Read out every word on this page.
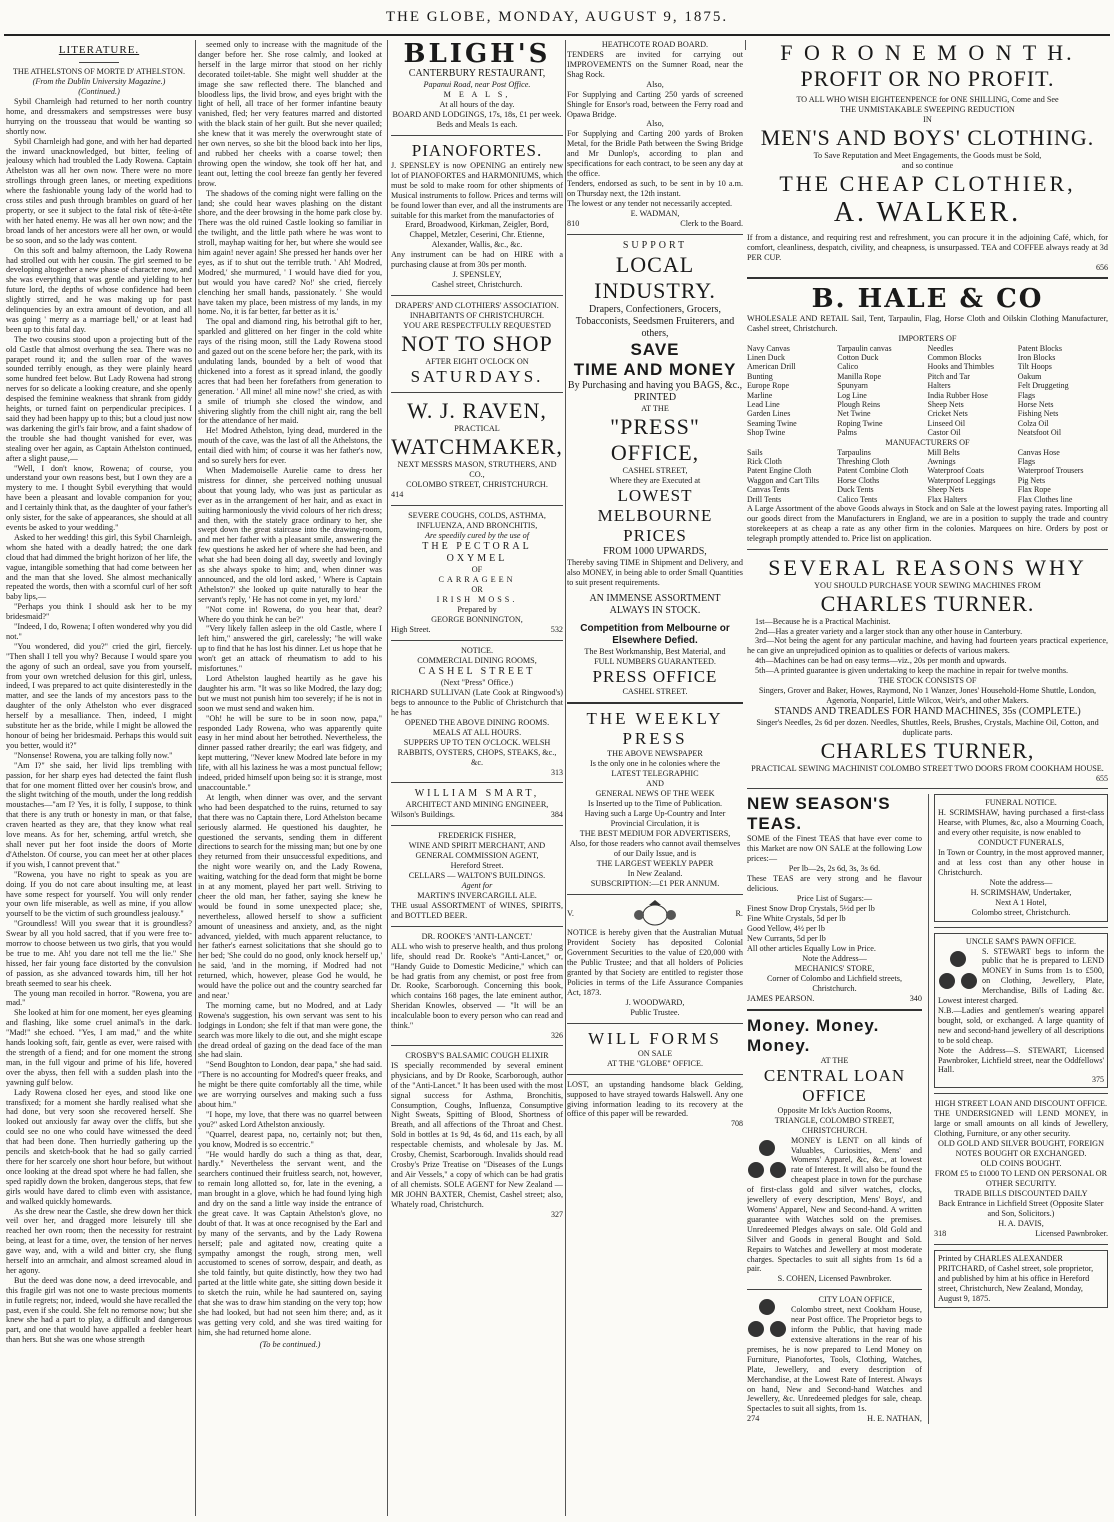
THE GLOBE, MONDAY, AUGUST 9, 1875.
LITERATURE.
THE ATHELSTONS OF MORTE D' ATHELSTON.
(From the Dublin University Magazine.)
(Continued.)

Sybil Charnleigh had returned to her north country home, and dressmakers and sempstresses were busy hurrying on the trousseau that would be wanting so shortly now.

Sybil Charnleigh had gone, and with her had departed the inward unacknowledged, but bitter, feeling of jealousy which had troubled the Lady Rowena. Captain Athelston was all her own now. There were no more strollings through green lanes, or meeting expeditions where the fashionable young lady of the world had to cross stiles and push through brambles on guard of her property, or see it subject to the fatal risk of tête-à-tête with her hated enemy. He was all her own now; and the broad lands of her ancestors were all her own, or would be so soon, and so the lady was content.

On this soft and balmy afternoon, the Lady Rowena had strolled out with her cousin. The girl seemed to be developing altogether a new phase of character now, and she was everything that was gentle and yielding to her future lord, the depths of whose confidence had been slightly stirred, and he was making up for past delinquencies by an extra amount of devotion, and all was going ' merry as a marriage bell,' or at least had been up to this fatal day.

The two cousins stood upon a projecting butt of the old Castle that almost overhung the sea. There was no parapet round it; and the sullen roar of the waves sounded terribly enough, as they were plainly heard some hundred feet below. But Lady Rowena had strong nerves for so delicate a looking creature, and she openly despised the feminine weakness that shrank from giddy heights, or turned faint on perpendicular precipices. I said they had been happy up to this; but a cloud just now was darkening the girl's fair brow, and a faint shadow of the trouble she had thought vanished for ever, was stealing over her again, as Captain Athelston continued, after a slight pause,—

"Well, I don't know, Rowena; of course, you understand your own reasons best, but I own they are a mystery to me. I thought Sybil everything that would have been a pleasant and lovable companion for you; and I certainly think that, as the daughter of your father's only sister, for the sake of appearances, she should at all events be asked to your wedding."

Asked to her wedding! this girl, this Sybil Charnleigh, whom she hated with a deadly hatred; the one dark cloud that had dimmed the bright horizon of her life, the vague, intangible something that had come between her and the man that she loved. She almost mechanically repeated the words, then with a scornful curl of her soft baby lips,—

"Perhaps you think I should ask her to be my bridesmaid?"

"Indeed, I do, Rowena; I often wondered why you did not."

"You wondered, did you?" cried the girl, fiercely. "Then shall I tell you why? Because I would spare you the agony of such an ordeal, save you from yourself, from your own wretched delusion for this girl, unless, indeed, I was prepared to act quite disinterestedly in the matter, and see the lands of my ancestors pass to the daughter of the only Athelston who ever disgraced herself by a mesalliance. Then, indeed, I might substitute her as the bride, while I might be allowed the honour of being her bridesmaid. Perhaps this would suit you better, would it?"

"Nonsense! Rowena, you are talking folly now."

"Am I?" she said, her livid lips trembling with passion, for her sharp eyes had detected the faint flush that for one moment flitted over her cousin's brow, and the slight twitching of the mouth, under the long reddish moustaches—"am I? Yes, it is folly, I suppose, to think that there is any truth or honesty in man, or that false, craven hearted as they are, that they know what real love means. As for her, scheming, artful wretch, she shall never put her foot inside the doors of Morte d'Athelston. Of course, you can meet her at other places if you wish, I cannot prevent that."

"Rowena, you have no right to speak as you are doing. If you do not care about insulting me, at least have some respect for yourself. You will only render your own life miserable, as well as mine, if you allow yourself to be the victim of such groundless jealousy."

"Groundless! Will you swear that it is groundless? Swear by all you hold sacred, that if you were free to-morrow to choose between us two girls, that you would be true to me. Ah! you dare not tell me the lie." She hissed, her fair young face distorted by the convulsion of passion, as she advanced towards him, till her hot breath seemed to sear his cheek.

The young man recoiled in horror. "Rowena, you are mad."

She looked at him for one moment, her eyes gleaming and flashing, like some cruel animal's in the dark. "Mad!" she echoed. "Yes, I am mad," and the white hands looking soft, fair, gentle as ever, were raised with the strength of a fiend; and for one moment the strong man, in the full vigour and prime of his life, hovered over the abyss, then fell with a sudden plash into the yawning gulf below.

Lady Rowena closed her eyes, and stood like one transfixed; for a moment she hardly realised what she had done, but very soon she recovered herself. She looked out anxiously far away over the cliffs, but she could see no one who could have witnessed the deed that had been done. Then hurriedly gathering up the pencils and sketch-book that he had so gaily carried there for her scarcely one short hour before, but without once looking at the dread spot where he had fallen, she sped rapidly down the broken, dangerous steps, that few girls would have dared to climb even with assistance, and walked quickly homewards.

As she drew near the Castle, she drew down her thick veil over her, and dragged more leisurely till she reached her own room; then the necessity for restraint being, at least for a time, over, the tension of her nerves gave way, and, with a wild and bitter cry, she flung herself into an armchair, and almost screamed aloud in her agony.

But the deed was done now, a deed irrevocable, and this fragile girl was not one to waste precious moments in futile regrets; nor, indeed, would she have recalled the past, even if she could. She felt no remorse now; but she knew she had a part to play, a difficult and dangerous part, and one that would have appalled a feebler heart than hers. But she was one whose strength

seemed only to increase with the magnitude of the danger before her. She rose calmly, and looked at herself in the large mirror that stood on her richly decorated toilet-table. She might well shudder at the image she saw reflected there. The blanched and bloodless lips, the livid brow, and eyes bright with the light of hell, all trace of her former infantine beauty vanished, fled; her very features marred and distorted with the black stain of her guilt. But she never quailed; she knew that it was merely the overwrought state of her own nerves, so she bit the blood back into her lips, and rubbed her cheeks with a coarse towel; then throwing open the window, she took off her hat, and leant out, letting the cool breeze fan gently her fevered brow.

The shadows of the coming night were falling on the land; she could hear waves plashing on the distant shore, and the deer browsing in the home park close by. There was the old ruined Castle looking so familiar in the twilight, and the little path where he was wont to stroll, mayhap waiting for her, but where she would see him again! never again! She pressed her hands over her eyes, as if to shut out the terrible truth. ' Ah! Modred, Modred,' she murmured, ' I would have died for you, but would you have cared? No!' she cried, fiercely clenching her small hands, passionately. ' She would have taken my place, been mistress of my lands, in my home. No, it is far better, far better as it is.'

The opal and diamond ring, his betrothal gift to her, sparkled and glittered on her finger in the cold white rays of the rising moon, still the Lady Rowena stood and gazed out on the scene before her; the park, with its undulating lands, bounded by a belt of wood that thickened into a forest as it spread inland, the goodly acres that had been her forefathers from generation to generation. ' All mine! all mine now!' she cried, as with a smile of triumph she closed the window, and shivering slightly from the chill night air, rang the bell for the attendance of her maid.

He! Modred Athelston, lying dead, murdered in the mouth of the cave, was the last of all the Athelstons, the entail died with him; of course it was her father's now, and so surely hers for ever.

When Mademoiselle Aurelie came to dress her mistress for dinner, she perceived nothing unusual about that young lady, who was just as particular as ever as in the arrangement of her hair, and as exact in suiting harmoniously the vivid colours of her rich dress; and then, with the stately grace ordinary to her, she swept down the great staircase into the drawing-room, and met her father with a pleasant smile, answering the few questions he asked her of where she had been, and what she had been doing all day, sweetly and lovingly as she always spoke to him; and, when dinner was announced, and the old lord asked, ' Where is Captain Athelston?' she looked up quite naturally to hear the servant's reply, ' He has not come in yet, my lord.'

"Not come in! Rowena, do you hear that, dear? Where do you think he can be?"

"Very likely fallen asleep in the old Castle, where I left him," answered the girl, carelessly; "he will wake up to find that he has lost his dinner. Let us hope that he won't get an attack of rheumatism to add to his misfortunes."

Lord Athelston laughed heartily as he gave his daughter his arm. "It was so like Modred, the lazy dog; but we must not punish him too severely; if he is not in soon we must send and waken him.

"Oh! he will be sure to be in soon now, papa," responded Lady Rowena, who was apparently quite easy in her mind about her betrothed. Nevertheless, the dinner passed rather drearily; the earl was fidgety, and kept muttering, "Never knew Modred late before in my life, with all his laziness he was a most punctual fellow; indeed, prided himself upon being so: it is strange, most unaccountable."

At length, when dinner was over, and the servant who had been despatched to the ruins, returned to say that there was no Captain there, Lord Athelston became seriously alarmed. He questioned his daughter, he questioned the servants, sending them in different directions to search for the missing man; but one by one they returned from their unsuccessful expeditions, and the night wore wearily on, and the Lady Rowena, waiting, watching for the dead form that might be borne in at any moment, played her part well. Striving to cheer the old man, her father, saying she knew he would be found in some unexpected place; she, nevertheless, allowed herself to show a sufficient amount of uneasiness and anxiety, and, as the night advanced, yielded, with much apparent reluctance, to her father's earnest solicitations that she should go to her bed; 'She could do no good, only knock herself up,' he said, 'and in the morning, if Modred had not returned, which, however, please God he would, he would have the police out and the country searched far and near.'

The morning came, but no Modred, and at Lady Rowena's suggestion, his own servant was sent to his lodgings in London; she felt if that man were gone, the search was more likely to die out, and she might escape the dread ordeal of gazing on the dead face of the man she had slain.

"Send Boughton to London, dear papa," she had said. "There is no accounting for Modred's queer freaks, and he might be there quite comfortably all the time, while we are worrying ourselves and making such a fuss about him."

"I hope, my love, that there was no quarrel between you?" asked Lord Athelston anxiously.

"Quarrel, dearest papa, no, certainly not; but then, you know, Modred is so eccentric."

"He would hardly do such a thing as that, dear, hardly." Nevertheless the servant went, and the searchers continued their fruitless search, not, however, to remain long allotted so, for, late in the evening, a man brought in a glove, which he had found lying high and dry on the sand a little way inside the entrance of the great cave. It was Captain Athelston's glove, no doubt of that. It was at once recognised by the Earl and by many of the servants, and by the Lady Rowena herself; pale and agitated now, creating quite a sympathy amongst the rough, strong men, well accustomed to scenes of sorrow, despair, and death, as she told faintly, but quite distinctly, how they two had parted at the little white gate, she sitting down beside it to sketch the ruin, while he had sauntered on, saying that she was to draw him standing on the very top; how she had looked, but had not seen him there; and, as it was getting very cold, and she was tired waiting for him, she had returned home alone.

(To be continued.)
BLIGH'S
CANTERBURY RESTAURANT,
Papanui Road, near Post Office.
M E A L S,
At all hours of the day.
BOARD AND LODGINGS, 17s, 18s, £1 per week.
Beds and Meals 1s each.
PIANOFORTES.
J. SPENSLEY is now OPENING an entirely new lot of PIANOFORTES and HARMONIUMS, which must be sold to make room for other shipments of Musical instruments to follow. Prices and terms will be found lower than ever, and all the instruments are suitable for this market from the manufactories of
Erard, Broadwood, Kirkman, Zeigler, Bord, Chappel, Metzler, Ceserini, Chr. Etienne, Alexander, Wallis, &c., &c.
Any instrument can be had on HIRE with a purchasing clause at from 30s per month.
J. SPENSLEY,
Cashel street, Christchurch.
DRAPERS' AND CLOTHIERS' ASSOCIATION.
INHABITANTS OF CHRISTCHURCH.
YOU ARE RESPECTFULLY REQUESTED
NOT TO SHOP
AFTER EIGHT O'CLOCK ON
SATURDAYS.
W. J. RAVEN,
PRACTICAL
WATCHMAKER,
NEXT MESSRS MASON, STRUTHERS, AND CO.,
COLOMBO STREET, CHRISTCHURCH.
414
SEVERE COUGHS, COLDS, ASTHMA, INFLUENZA, AND BRONCHITIS,
Are speedily cured by the use of
THE PECTORAL OXYMEL
OF
CARRAGEEN
OR
IRISH MOSS.
Prepared by
GEORGE BONNINGTON,
High Street.	532
NOTICE.
COMMERCIAL DINING ROOMS,
CASHEL STREET
(Next "Press" Office.)
RICHARD SULLIVAN (Late Cook at Ringwood's) begs to announce to the Public of Christchurch that he has
OPENED THE ABOVE DINING ROOMS.
MEALS AT ALL HOURS.
SUPPERS UP TO TEN O'CLOCK. WELSH RABBITS, OYSTERS, CHOPS, STEAKS, &c., &c.
313
WILLIAM SMART,
ARCHITECT AND MINING ENGINEER,
Wilson's Buildings.	384
FREDERICK FISHER,
WINE AND SPIRIT MERCHANT, AND
GENERAL COMMISSION AGENT,
Hereford Street.
CELLARS — WALTON'S BUILDINGS.
Agent for
MARTIN'S INVERCARGILL ALE.
THE usual ASSORTMENT of WINES, SPIRITS, and BOTTLED BEER.
DR. ROOKE'S 'ANTI-LANCET.'
ALL who wish to preserve health, and thus prolong life, should read Dr. Rooke's "Anti-Lancet," or, "Handy Guide to Domestic Medicine," which can be had gratis from any chemist, or post free from Dr. Rooke, Scarborough. Concerning this book, which contains 168 pages, the late eminent author, Sheridan Knowles, observed — "It will be an incalculable boon to every person who can read and think."
326
CROSBY'S BALSAMIC COUGH ELIXIR
IS specially recommended by several eminent physicians, and by Dr Rooke, Scarborough, author of the "Anti-Lancet." It has been used with the most signal success for Asthma, Bronchitis, Consumption, Coughs, Influenza, Consumptive Night Sweats, Spitting of Blood, Shortness of Breath, and all affections of the Throat and Chest. Sold in bottles at 1s 9d, 4s 6d, and 11s each, by all respectable chemists, and wholesale by Jas. M. Crosby, Chemist, Scarborough. Invalids should read Crosby's Prize Treatise on "Diseases of the Lungs and Air Vessels," a copy of which can be had gratis of all chemists. SOLE AGENT for New Zealand — MR JOHN BAXTER, Chemist, Cashel street; also, Whately road, Christchurch.
327
HEATHCOTE ROAD BOARD.
TENDERS are invited for carrying out IMPROVEMENTS on the Sumner Road, near the Shag Rock.
Also,
For Supplying and Carting 250 yards of screened Shingle for Ensor's road, between the Ferry road and Opawa Bridge.
Also,
For Supplying and Carting 200 yards of Broken Metal, for the Bridle Path between the Swing Bridge and Mr Dunlop's, according to plan and specifications for each contract, to be seen any day at the office.
Tenders, endorsed as such, to be sent in by 10 a.m. on Thursday next, the 12th instant.
The lowest or any tender not necessarily accepted.
E. WADMAN,
810	Clerk to the Board.
SUPPORT
LOCAL INDUSTRY.
Drapers, Confectioners, Grocers, Tobacconists, Seedsmen Fruiterers, and others,
SAVE
TIME AND MONEY
By Purchasing and having you BAGS, &c., PRINTED
AT THE
"PRESS" OFFICE,
CASHEL STREET,
Where they are Executed at
LOWEST MELBOURNE PRICES
FROM 1000 UPWARDS,
Thereby saving TIME in Shipment and Delivery, and also MONEY, in being able to order Small Quantities to suit present requirements.
AN IMMENSE ASSORTMENT
ALWAYS IN STOCK.
Competition from Melbourne or Elsewhere Defied.
The Best Workmanship, Best Material, and
FULL NUMBERS GUARANTEED.
PRESS OFFICE
CASHEL STREET.
THE WEEKLY PRESS
THE ABOVE NEWSPAPER
Is the only one in he colonies where the
LATEST TELEGRAPHIC
AND
GENERAL NEWS OF THE WEEK
Is Inserted up to the Time of Publication.
Having such a Large Up-Country and Inter Provincial Circulation, it is
THE BEST MEDIUM FOR ADVERTISERS,
Also, for those readers who cannot avail themselves of our Daily Issue, and is
THE LARGEST WEEKLY PAPER
In New Zealand.
SUBSCRIPTION:—£1 PER ANNUM.
V.	R.
NOTICE is hereby given that the Australian Mutual Provident Society has deposited Colonial Government Securities to the value of £20,000 with the Public Trustee; and that all holders of Policies granted by that Society are entitled to register those Policies in terms of the Life Assurance Companies Act, 1873.
J. WOODWARD,
Public Trustee.
WILL FORMS
ON SALE
AT THE "GLOBE" OFFICE.
LOST, an upstanding handsome black Gelding, supposed to have strayed towards Halswell. Any one giving information leading to its recovery at the office of this paper will be rewarded.
708
F O R O N E M O N T H.
PROFIT OR NO PROFIT.
TO ALL WHO WISH EIGHTEENPENCE for ONE SHILLING, Come and See
THE UNMISTAKABLE SWEEPING REDUCTION
IN
MEN'S AND BOYS' CLOTHING.
To Save Reputation and Meet Engagements, the Goods must be Sold,
and so continue
THE CHEAP CLOTHIER,
A. WALKER.
If from a distance, and requiring rest and refreshment, you can procure it in the adjoining Café, which, for comfort, cleanliness, despatch, civility, and cheapness, is unsurpassed. TEA and COFFEE always ready at 3d PER CUP.
656
B. HALE & CO
WHOLESALE AND RETAIL Sail, Tent, Tarpaulin, Flag, Horse Cloth and Oilskin Clothing Manufacturer, Cashel street, Christchurch.
IMPORTERS OF
Navy Canvas	Tarpaulin canvas	Needles	Patent Blocks
Linen Duck	Cotton Duck	Common Blocks	Iron Blocks
American Drill	Calico	Hooks and Thimbles	Tilt Hoops
Bunting	Manilla Rope	Pitch and Tar	Oakum
Europe Rope	Spunyarn	Halters	Felt Druggeting
Marline	Log Line	India Rubber Hose	Flags
Lead Line	Plough Reins	Sheep Nets	Horse Nets
Garden Lines	Net Twine	Cricket Nets	Fishing Nets
Seaming Twine	Roping Twine	Linseed Oil	Colza Oil
Shop Twine	Palms	Castor Oil	Neatsfoot Oil
MANUFACTURERS OF
Sails	Tarpaulins	Mill Belts	Canvas Hose
Rick Cloth	Threshing Cloth	Awnings	Flags
Patent Engine Cloth	Patent Combine Cloth	Waterproof Coats	Waterproof Trousers
Waggon and Cart Tilts	Horse Cloths	Waterproof Leggings	Pig Nets
Canvas Tents	Duck Tents	Sheep Nets	Flax Rope
Drill Tents	Calico Tents	Flax Halters	Flax Clothes line
A Large Assortment of the above Goods always in Stock and on Sale at the lowest paying rates. Importing all our goods direct from the Manufacturers in England, we are in a position to supply the trade and country storekeepers at as cheap a rate as any other firm in the colonies. Marquees on hire. Orders by post or telegraph promptly attended to. Price list on application.
SEVERAL REASONS WHY
YOU SHOULD PURCHASE YOUR SEWING MACHINES FROM
CHARLES TURNER.

1st—Because he is a Practical Machinist.

2nd—Has a greater variety and a larger stock than any other house in Canterbury.

3rd—Not being the agent for any particular machine, and having had fourteen years practical experience, he can give an unprejudiced opinion as to qualities or defects of various makers.

4th—Machines can be had on easy terms—viz., 20s per month and upwards.

5th—A printed guarantee is given undertaking to keep the machine in repair for twelve months.

THE STOCK CONSISTS OF
Singers, Grover and Baker, Howes, Raymond, No 1 Wanzer, Jones' Household-Home Shuttle, London, Agenoria, Nonpariel, Little Wilcox, Weir's, and other Makers.
STANDS AND TREADLES FOR HAND MACHINES, 35s (COMPLETE.)
Singer's Needles, 2s 6d per dozen. Needles, Shuttles, Reels, Brushes, Crystals, Machine Oil, Cotton, and duplicate parts.
CHARLES TURNER,
PRACTICAL SEWING MACHINIST COLOMBO STREET TWO DOORS FROM COOKHAM HOUSE.
655
NEW SEASON'S TEAS.
SOME of the Finest TEAS that have ever come to this Market are now ON SALE at the following Low prices:—
Per lb—2s, 2s 6d, 3s, 3s 6d.
These TEAS are very strong and he flavour delicious.
Price List of Sugars:—
Finest Snow Drop Crystals, 5½d per lb
Fine White Crystals, 5d per lb
Good Yellow, 4½ per lb
New Currants, 5d per lb
All other articles Equally Low in Price.
Note the Address—
MECHANICS' STORE,
Corner of Colombo and Lichfield streets, Christchurch.
JAMES PEARSON.	340
Money. Money. Money.
AT THE
CENTRAL LOAN OFFICE
Opposite Mr Ick's Auction Rooms,
TRIANGLE, COLOMBO STREET, CHRISTCHURCH.
MONEY is LENT on all kinds of Valuables, Curiosities, Mens' and Womens' Apparel, &c, &c., at lowest rate of Interest. It will also be found the cheapest place in town for the purchase of first-class gold and silver watches, clocks, jewellery of every description, Mens' Boys', and Womens' Apparel, New and Second-hand. A written guarantee with Watches sold on the premises. Unredeemed Pledges always on sale. Old Gold and Silver and Goods in general Bought and Sold. Repairs to Watches and Jewellery at most moderate charges. Spectacles to suit all sights from 1s 6d a pair.
S. COHEN, Licensed Pawnbroker.
CITY LOAN OFFICE,
Colombo street, next Cookham House, near Post office. The Proprietor begs to inform the Public, that having made extensive alterations in the rear of his premises, he is now prepared to Lend Money on Furniture, Pianofortes, Tools, Clothing, Watches, Plate, Jewellery, and every description of Merchandise, at the Lowest Rate of Interest. Always on hand, New and Second-hand Watches and Jewellery, &c. Unredeemed pledges for sale, cheap. Spectacles to suit all sights, from 1s.
274	H. E. NATHAN,
FUNERAL NOTICE.
H. SCRIMSHAW, having purchased a first-class Hearse, with Plumes, &c, also a Mourning Coach, and every other requisite, is now enabled to
CONDUCT FUNERALS,
In Town or Country, in the most approved manner, and at less cost than any other house in Christchurch.
Note the address—
H. SCRIMSHAW, Undertaker,
Next A 1 Hotel,
Colombo street, Christchurch.
UNCLE SAM'S PAWN OFFICE.
S. STEWART begs to inform the public that he is prepared to LEND MONEY in Sums from 1s to £500, on Clothing, Jewellery, Plate, Merchandise, Bills of Lading &c. Lowest interest charged.
N.B.—Ladies and gentlemen's wearing apparel bought, sold, or exchanged. A large quantity of new and second-hand jewellery of all descriptions to be sold cheap.
Note the Address—S. STEWART, Licensed Pawnbroker, Lichfield street, near the Oddfellows' Hall.
375
HIGH STREET LOAN AND DISCOUNT OFFICE.
THE UNDERSIGNED will LEND MONEY, in large or small amounts on all kinds of Jewellery, Clothing, Furniture, or any other security.
OLD GOLD AND SILVER BOUGHT, FOREIGN NOTES BOUGHT OR EXCHANGED.
OLD COINS BOUGHT.
FROM £5 to £1000 TO LEND ON PERSONAL OR OTHER SECURITY.
TRADE BILLS DISCOUNTED DAILY
Back Entrance in Lichfield Street (Opposite Slater and Son, Solicitors.)
H. A. DAVIS,
318	Licensed Pawnbroker.
Printed by CHARLES ALEXANDER PRITCHARD, of Cashel street, sole proprietor, and published by him at his office in Hereford street, Christchurch, New Zealand, Monday, August 9, 1875.
